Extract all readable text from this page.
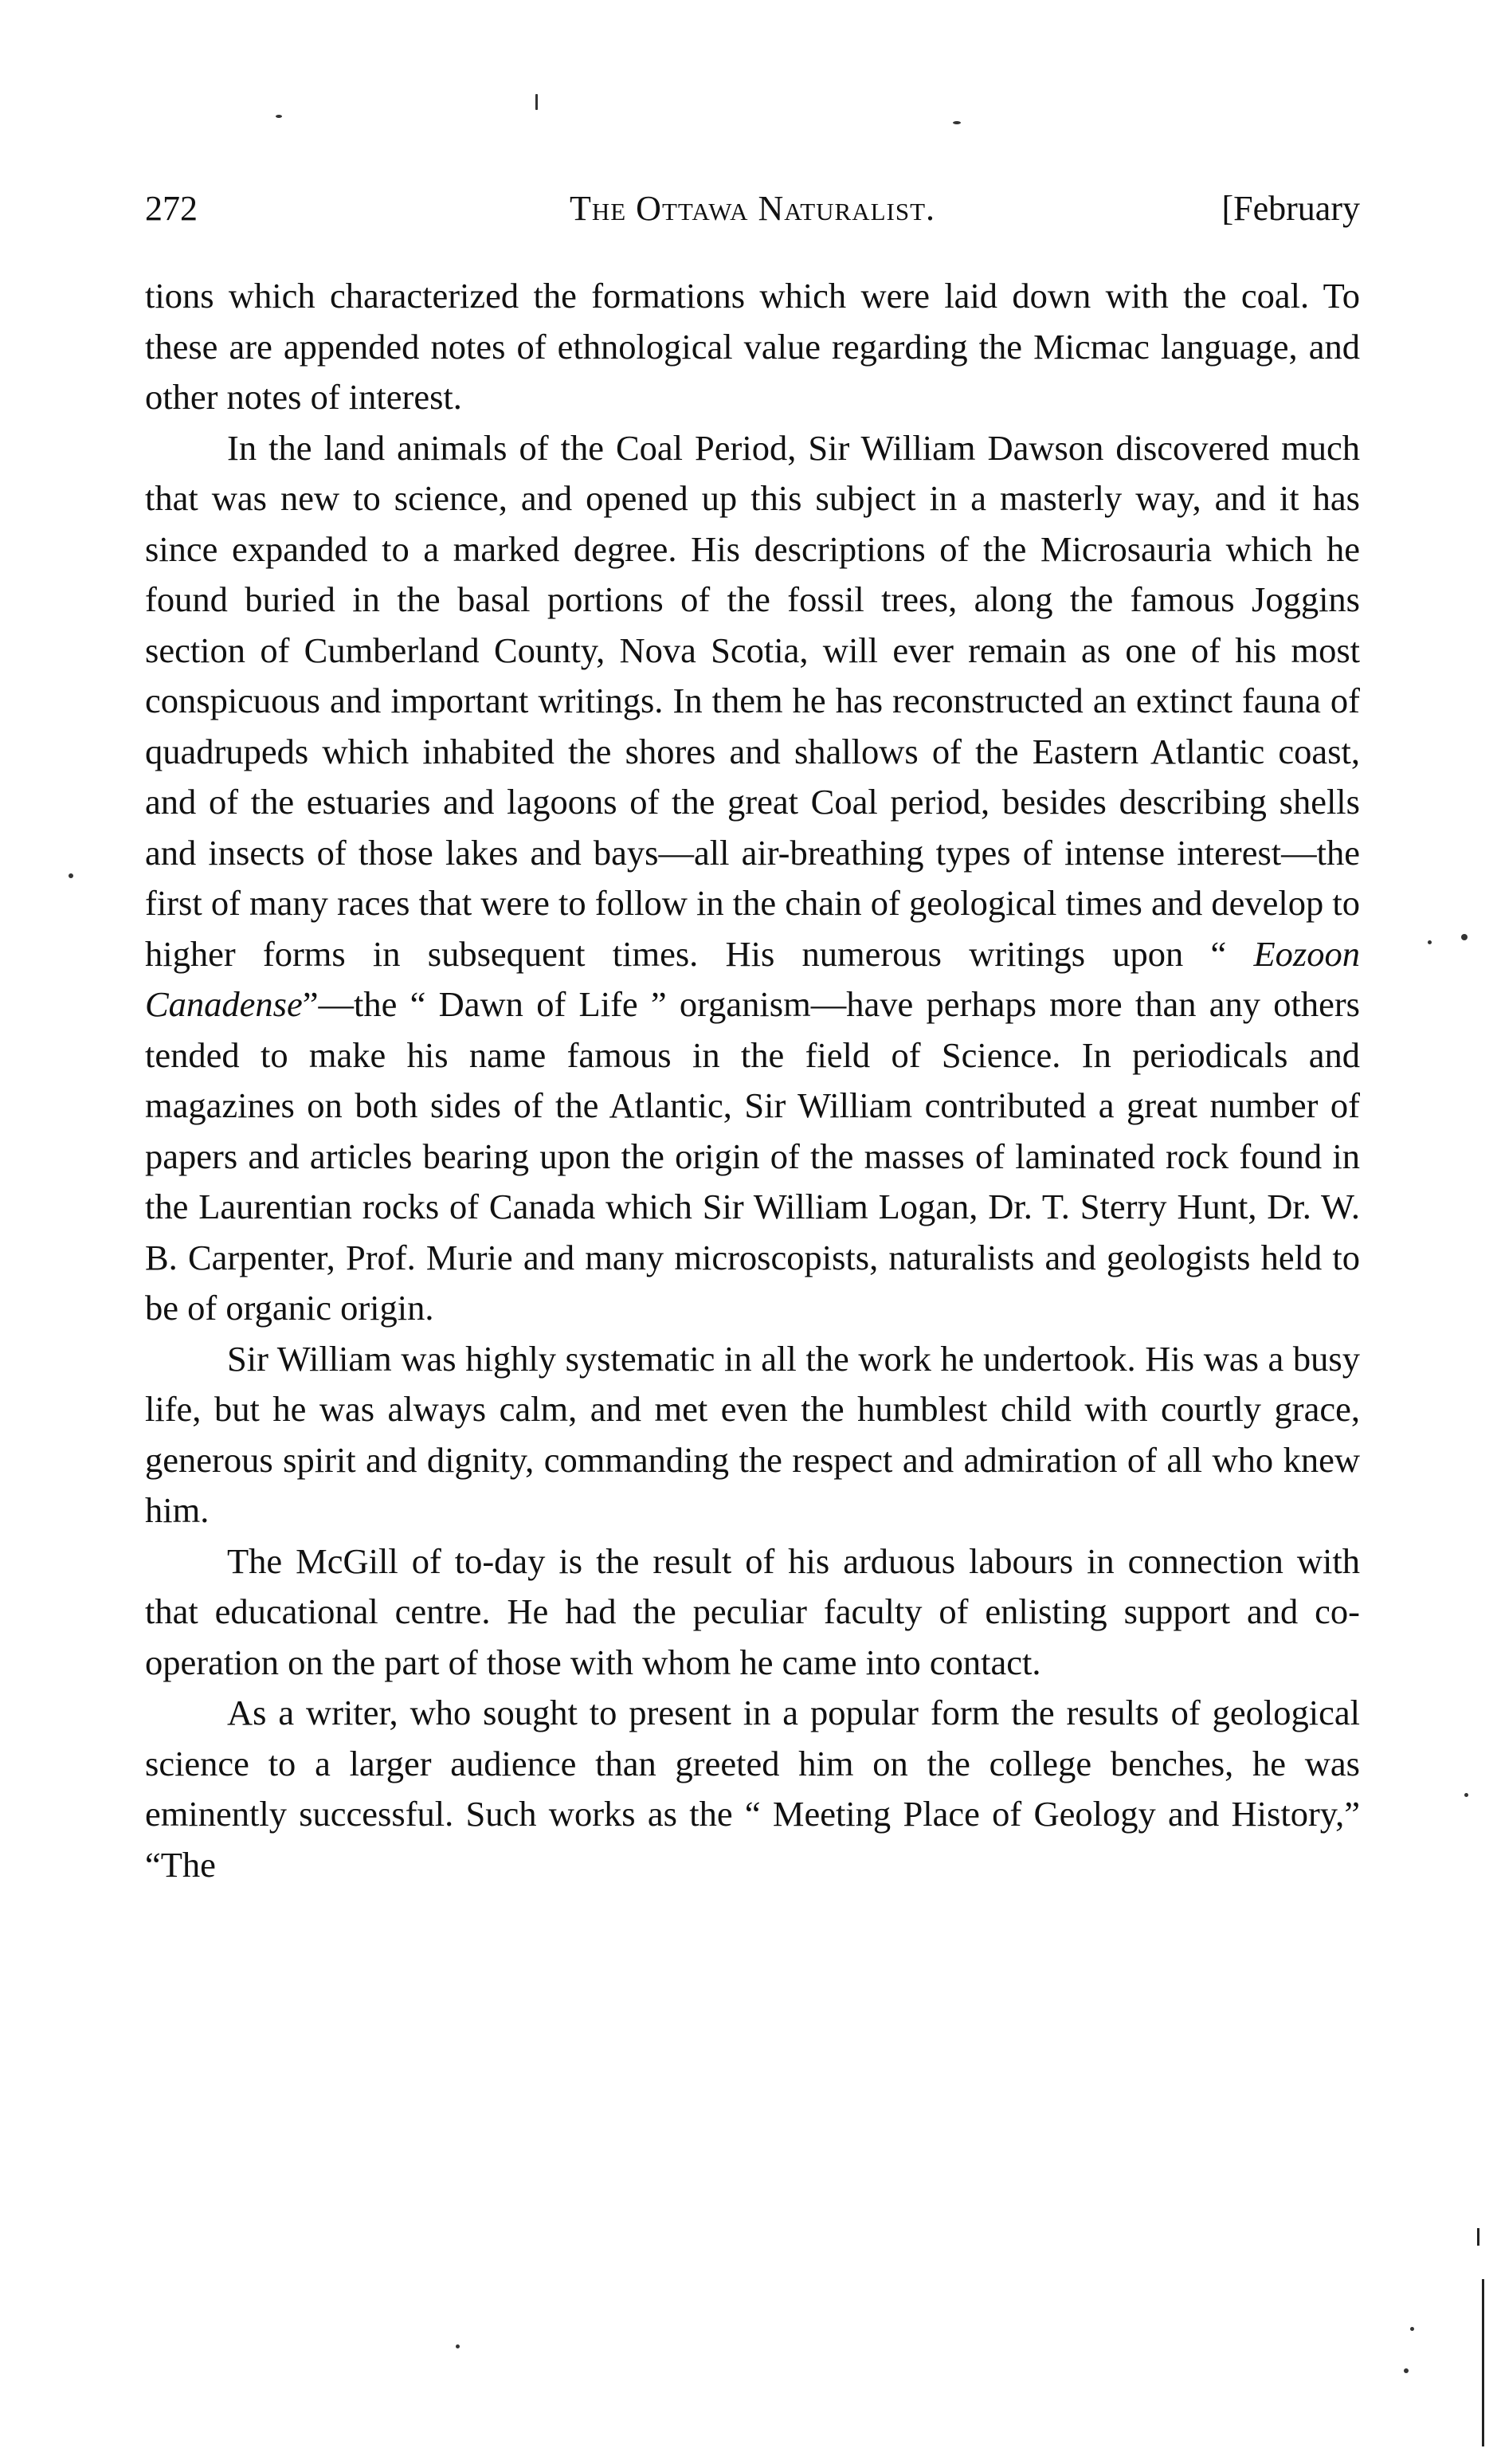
272	The Ottawa Naturalist.	[February

tions which characterized the formations which were laid down with the coal. To these are appended notes of ethnological value regarding the Micmac language, and other notes of interest.

In the land animals of the Coal Period, Sir William Dawson discovered much that was new to science, and opened up this subject in a masterly way, and it has since expanded to a marked degree. His descriptions of the Microsauria which he found buried in the basal portions of the fossil trees, along the famous Joggins section of Cumberland County, Nova Scotia, will ever remain as one of his most conspicuous and important writings. In them he has reconstructed an extinct fauna of quadrupeds which inhabited the shores and shallows of the Eastern Atlantic coast, and of the estuaries and lagoons of the great Coal period, besides describing shells and insects of those lakes and bays—all air-breathing types of intense interest—the first of many races that were to follow in the chain of geological times and develop to higher forms in subsequent times. His numerous writings upon “ Eozoon Canadense”—the “ Dawn of Life ” organism—have perhaps more than any others tended to make his name famous in the field of Science. In periodicals and magazines on both sides of the Atlantic, Sir William contributed a great number of papers and articles bearing upon the origin of the masses of laminated rock found in the Laurentian rocks of Canada which Sir William Logan, Dr. T. Sterry Hunt, Dr. W. B. Carpenter, Prof. Murie and many microscopists, naturalists and geologists held to be of organic origin.

Sir William was highly systematic in all the work he undertook. His was a busy life, but he was always calm, and met even the humblest child with courtly grace, generous spirit and dignity, commanding the respect and admiration of all who knew him.

The McGill of to-day is the result of his arduous labours in connection with that educational centre. He had the peculiar faculty of enlisting support and co-operation on the part of those with whom he came into contact.

As a writer, who sought to present in a popular form the results of geological science to a larger audience than greeted him on the college benches, he was eminently successful. Such works as the “ Meeting Place of Geology and History,” “The
